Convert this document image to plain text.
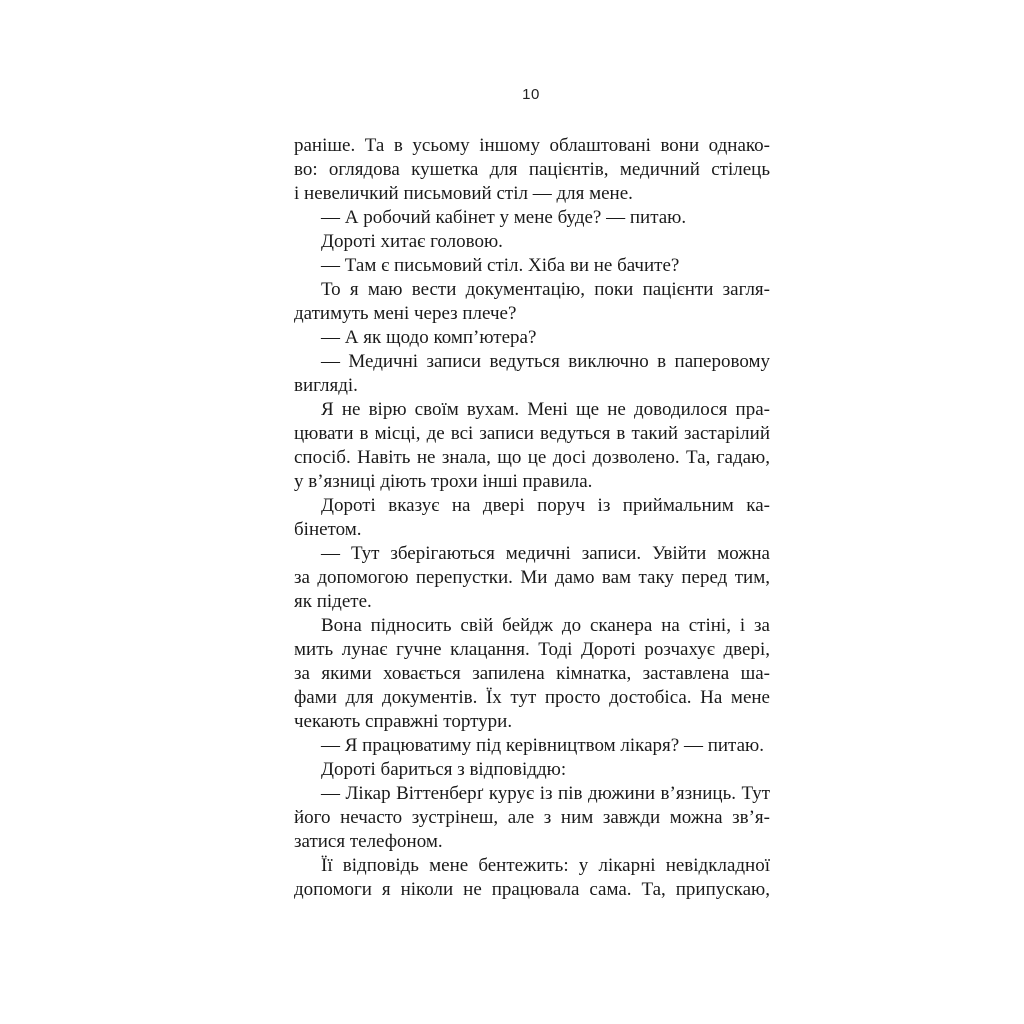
10
раніше. Та в усьому іншому облаштовані вони однако-
во: оглядова кушетка для пацієнтів, медичний стілець
і невеличкий письмовий стіл — для мене.
— А робочий кабінет у мене буде? — питаю.
Дороті хитає головою.
— Там є письмовий стіл. Хіба ви не бачите?
То я маю вести документацію, поки пацієнти загля-
датимуть мені через плече?
— А як щодо комп’ютера?
— Медичні записи ведуться виключно в паперовому
вигляді.
Я не вірю своїм вухам. Мені ще не доводилося пра-
цювати в місці, де всі записи ведуться в такий застарілий
спосіб. Навіть не знала, що це досі дозволено. Та, гадаю,
у в’язниці діють трохи інші правила.
Дороті вказує на двері поруч із приймальним ка-
бінетом.
— Тут зберігаються медичні записи. Увійти можна
за допомогою перепустки. Ми дамо вам таку перед тим,
як підете.
Вона підносить свій бейдж до сканера на стіні, і за
мить лунає гучне клацання. Тоді Дороті розчахує двері,
за якими ховається запилена кімнатка, заставлена ша-
фами для документів. Їх тут просто достобіса. На мене
чекають справжні тортури.
— Я працюватиму під керівництвом лікаря? — питаю.
Дороті бариться з відповіддю:
— Лікар Віттенберґ курує із пів дюжини в’язниць. Тут
його нечасто зустрінеш, але з ним завжди можна зв’я-
затися телефоном.
Її відповідь мене бентежить: у лікарні невідкладної
допомоги я ніколи не працювала сама. Та, припускаю,
